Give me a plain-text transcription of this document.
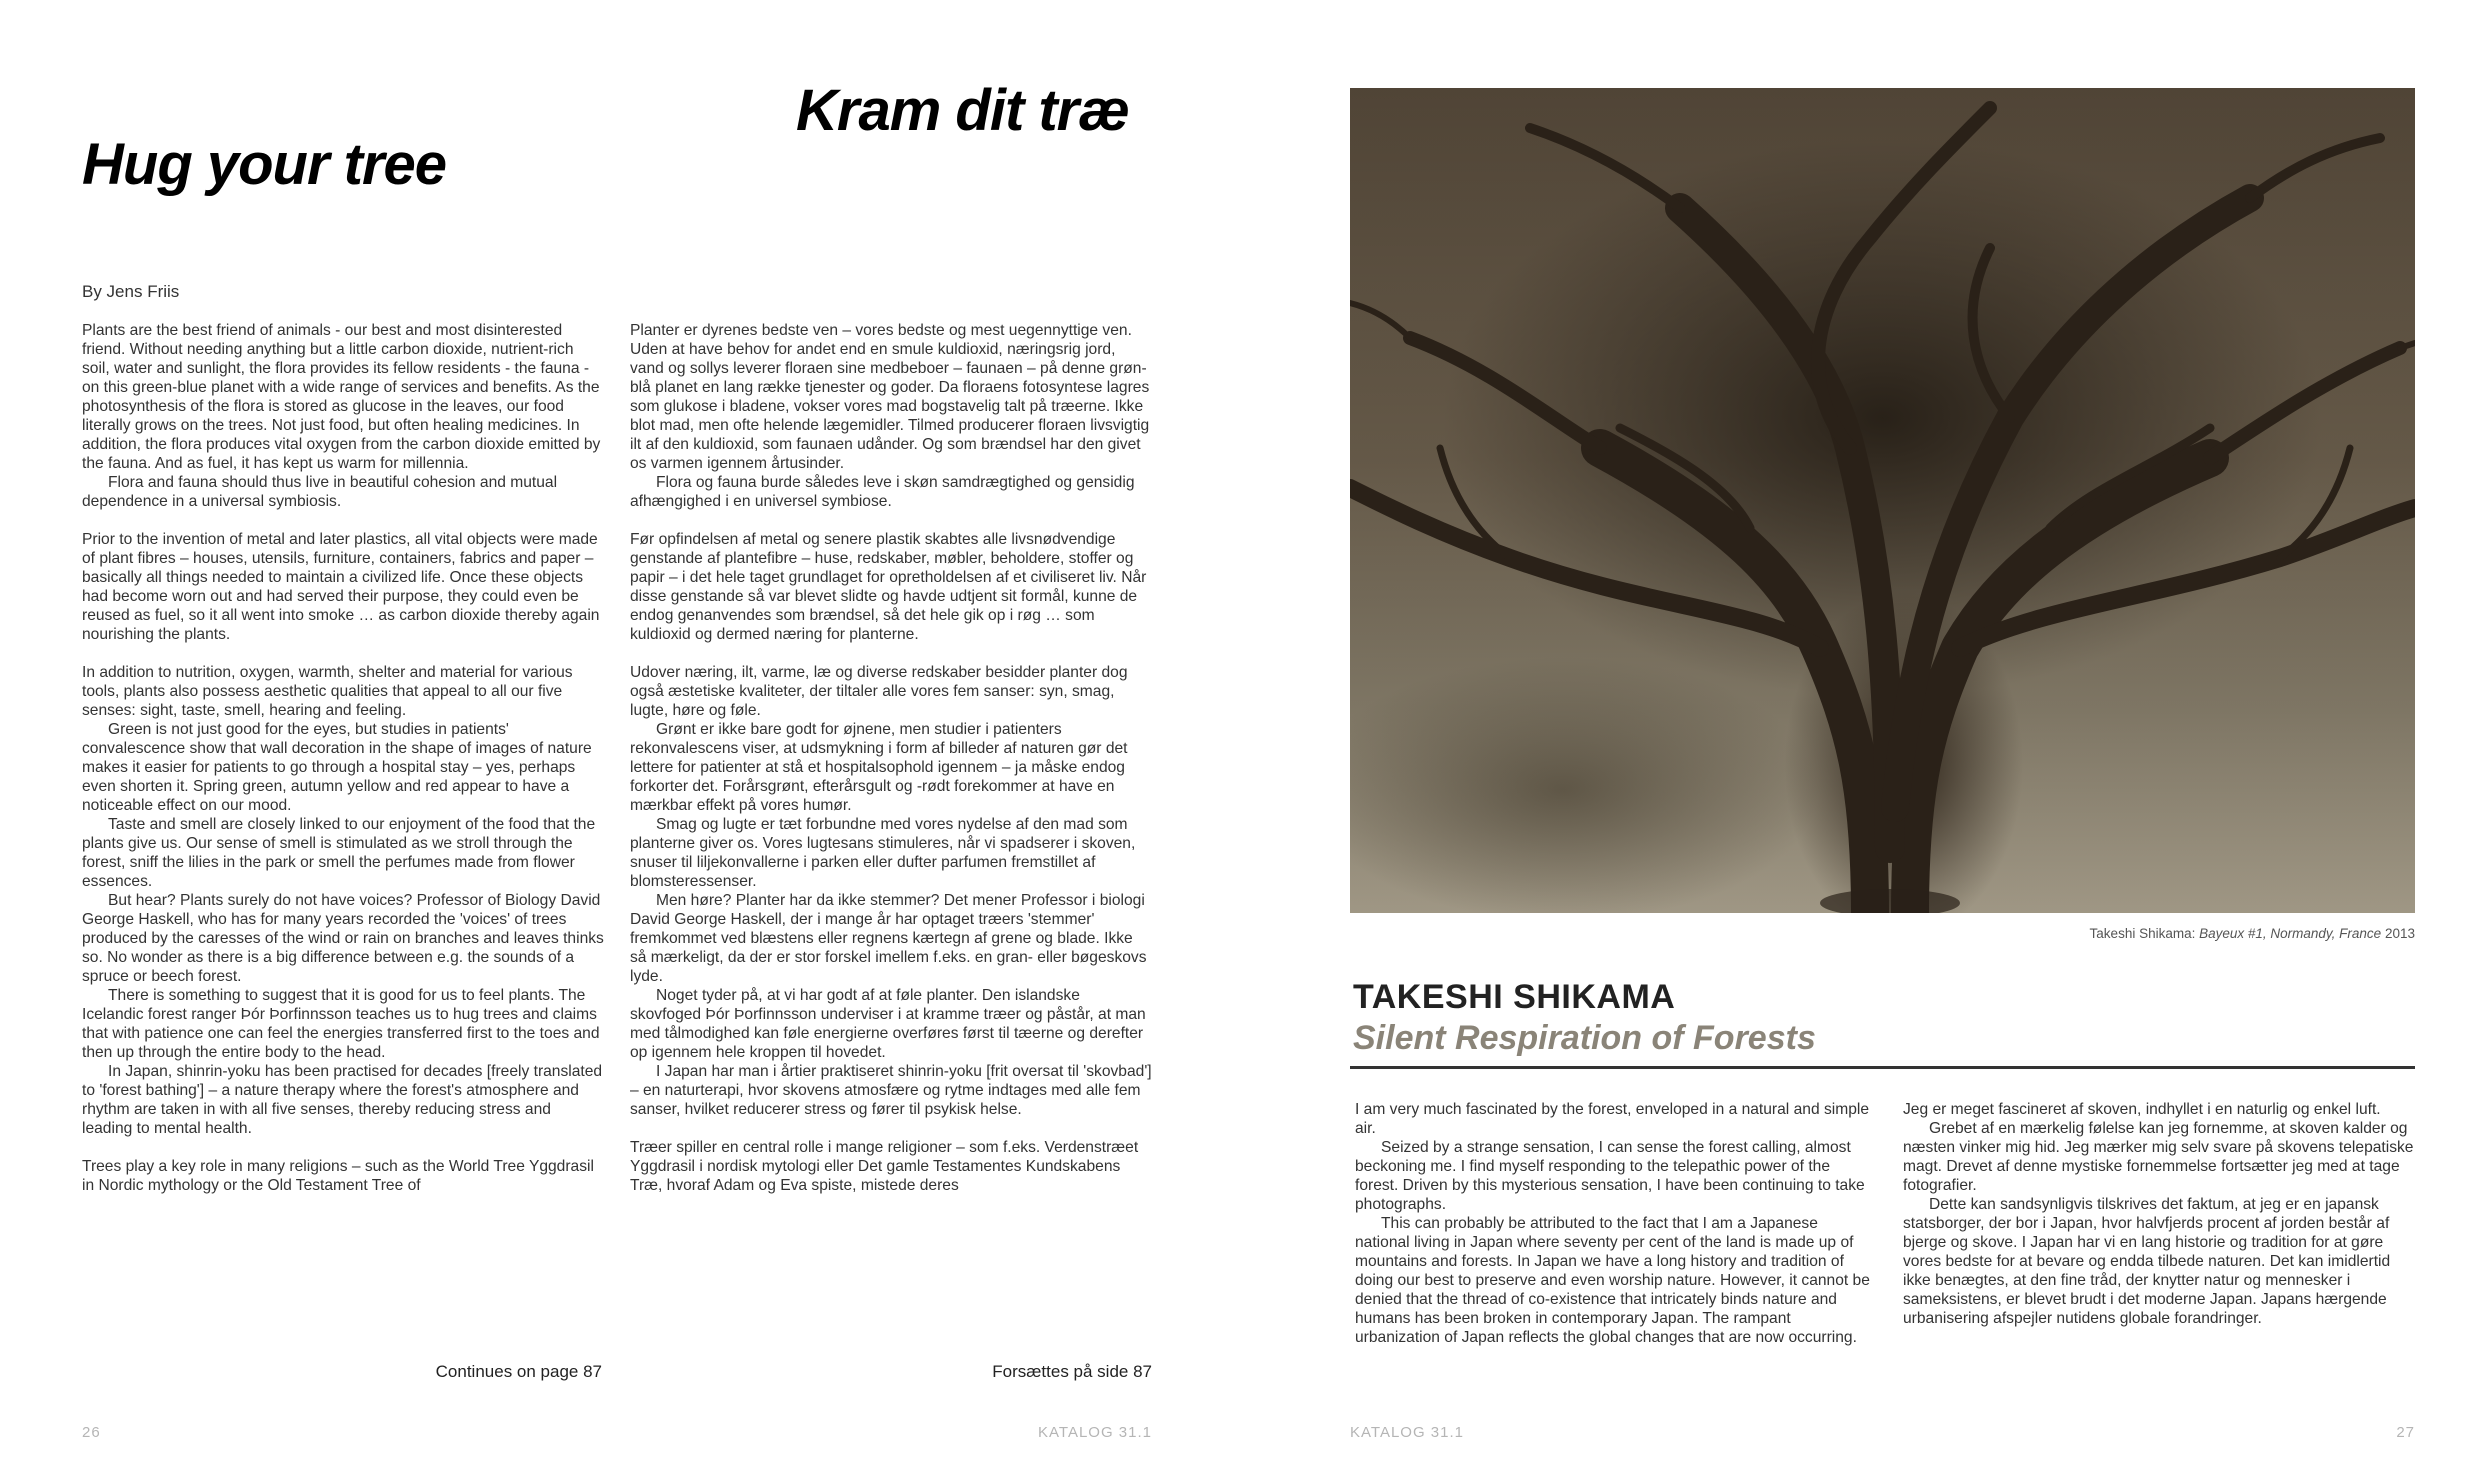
Kram dit træ
Hug your tree
By Jens Friis

Plants are the best friend of animals - our best and most disinterested friend. Without needing anything but a little carbon dioxide, nutrient-rich soil, water and sunlight, the flora provides its fellow residents - the fauna - on this green-blue planet with a wide range of services and benefits. As the photosynthesis of the flora is stored as glucose in the leaves, our food literally grows on the trees. Not just food, but often healing medicines. In addition, the flora produces vital oxygen from the carbon dioxide emitted by the fauna. And as fuel, it has kept us warm for millennia.

Flora and fauna should thus live in beautiful cohesion and mutual dependence in a universal symbiosis.

Prior to the invention of metal and later plastics, all vital objects were made of plant fibres – houses, utensils, furniture, containers, fabrics and paper – basically all things needed to maintain a civilized life. Once these objects had become worn out and had served their purpose, they could even be reused as fuel, so it all went into smoke … as carbon dioxide thereby again nourishing the plants.

In addition to nutrition, oxygen, warmth, shelter and material for various tools, plants also possess aesthetic qualities that appeal to all our five senses: sight, taste, smell, hearing and feeling.

Green is not just good for the eyes, but studies in patients' convalescence show that wall decoration in the shape of images of nature makes it easier for patients to go through a hospital stay – yes, perhaps even shorten it. Spring green, autumn yellow and red appear to have a noticeable effect on our mood.

Taste and smell are closely linked to our enjoyment of the food that the plants give us. Our sense of smell is stimulated as we stroll through the forest, sniff the lilies in the park or smell the perfumes made from flower essences.

But hear? Plants surely do not have voices? Professor of Biology David George Haskell, who has for many years recorded the 'voices' of trees produced by the caresses of the wind or rain on branches and leaves thinks so. No wonder as there is a big difference between e.g. the sounds of a spruce or beech forest.

There is something to suggest that it is good for us to feel plants. The Icelandic forest ranger Þór Þorfinnsson teaches us to hug trees and claims that with patience one can feel the energies transferred first to the toes and then up through the entire body to the head.

In Japan, shinrin-yoku has been practised for decades [freely translated to 'forest bathing'] – a nature therapy where the forest's atmosphere and rhythm are taken in with all five senses, thereby reducing stress and leading to mental health.

Trees play a key role in many religions – such as the World Tree Yggdrasil in Nordic mythology or the Old Testament Tree of

Planter er dyrenes bedste ven – vores bedste og mest uegennyttige ven. Uden at have behov for andet end en smule kuldioxid, næringsrig jord, vand og sollys leverer floraen sine medbeboer – faunaen – på denne grøn-blå planet en lang række tjenester og goder. Da floraens fotosyntese lagres som glukose i bladene, vokser vores mad bogstavelig talt på træerne. Ikke blot mad, men ofte helende lægemidler. Tilmed producerer floraen livsvigtig ilt af den kuldioxid, som faunaen udånder. Og som brændsel har den givet os varmen igennem årtusinder.

Flora og fauna burde således leve i skøn samdrægtighed og gensidig afhængighed i en universel symbiose.

Før opfindelsen af metal og senere plastik skabtes alle livsnødvendige genstande af plantefibre – huse, redskaber, møbler, beholdere, stoffer og papir – i det hele taget grundlaget for opretholdelsen af et civiliseret liv. Når disse genstande så var blevet slidte og havde udtjent sit formål, kunne de endog genanvendes som brændsel, så det hele gik op i røg … som kuldioxid og dermed næring for planterne.

Udover næring, ilt, varme, læ og diverse redskaber besidder planter dog også æstetiske kvaliteter, der tiltaler alle vores fem sanser: syn, smag, lugte, høre og føle.

Grønt er ikke bare godt for øjnene, men studier i patienters rekonvalescens viser, at udsmykning i form af billeder af naturen gør det lettere for patienter at stå et hospitalsophold igennem – ja måske endog forkorter det. Forårsgrønt, efterårsgult og -rødt forekommer at have en mærkbar effekt på vores humør.

Smag og lugte er tæt forbundne med vores nydelse af den mad som planterne giver os. Vores lugtesans stimuleres, når vi spadserer i skoven, snuser til liljekonvallerne i parken eller dufter parfumen fremstillet af blomsteressenser.

Men høre? Planter har da ikke stemmer? Det mener Professor i biologi David George Haskell, der i mange år har optaget træers 'stemmer' fremkommet ved blæstens eller regnens kærtegn af grene og blade. Ikke så mærkeligt, da der er stor forskel imellem f.eks. en gran- eller bøgeskovs lyde.

Noget tyder på, at vi har godt af at føle planter. Den islandske skovfoged Þór Þorfinnsson underviser i at kramme træer og påstår, at man med tålmodighed kan føle energierne overføres først til tæerne og derefter op igennem hele kroppen til hovedet.

I Japan har man i årtier praktiseret shinrin-yoku [frit oversat til 'skovbad'] – en naturterapi, hvor skovens atmosfære og rytme indtages med alle fem sanser, hvilket reducerer stress og fører til psykisk helse.

Træer spiller en central rolle i mange religioner – som f.eks. Verdenstræet Yggdrasil i nordisk mytologi eller Det gamle Testamentes Kundskabens Træ, hvoraf Adam og Eva spiste, mistede deres

Continues on page 87	Forsættes på side 87
26	KATALOG 31.1
Takeshi Shikama: Bayeux #1, Normandy, France 2013
TAKESHI SHIKAMA
Silent Respiration of Forests

I am very much fascinated by the forest, enveloped in a natural and simple air.

Seized by a strange sensation, I can sense the forest calling, almost beckoning me. I find myself responding to the telepathic power of the forest. Driven by this mysterious sensation, I have been continuing to take photographs.

This can probably be attributed to the fact that I am a Japanese national living in Japan where seventy per cent of the land is made up of mountains and forests. In Japan we have a long history and tradition of doing our best to preserve and even worship nature. However, it cannot be denied that the thread of co-existence that intricately binds nature and humans has been broken in contemporary Japan. The rampant urbanization of Japan reflects the global changes that are now occurring.

Jeg er meget fascineret af skoven, indhyllet i en naturlig og enkel luft.

Grebet af en mærkelig følelse kan jeg fornemme, at skoven kalder og næsten vinker mig hid. Jeg mærker mig selv svare på skovens telepatiske magt. Drevet af denne mystiske fornemmelse fortsætter jeg med at tage fotografier.

Dette kan sandsynligvis tilskrives det faktum, at jeg er en japansk statsborger, der bor i Japan, hvor halvfjerds procent af jorden består af bjerge og skove. I Japan har vi en lang historie og tradition for at gøre vores bedste for at bevare og endda tilbede naturen. Det kan imidlertid ikke benægtes, at den fine tråd, der knytter natur og mennesker i sameksistens, er blevet brudt i det moderne Japan. Japans hærgende urbanisering afspejler nutidens globale forandringer.

KATALOG 31.1	27
